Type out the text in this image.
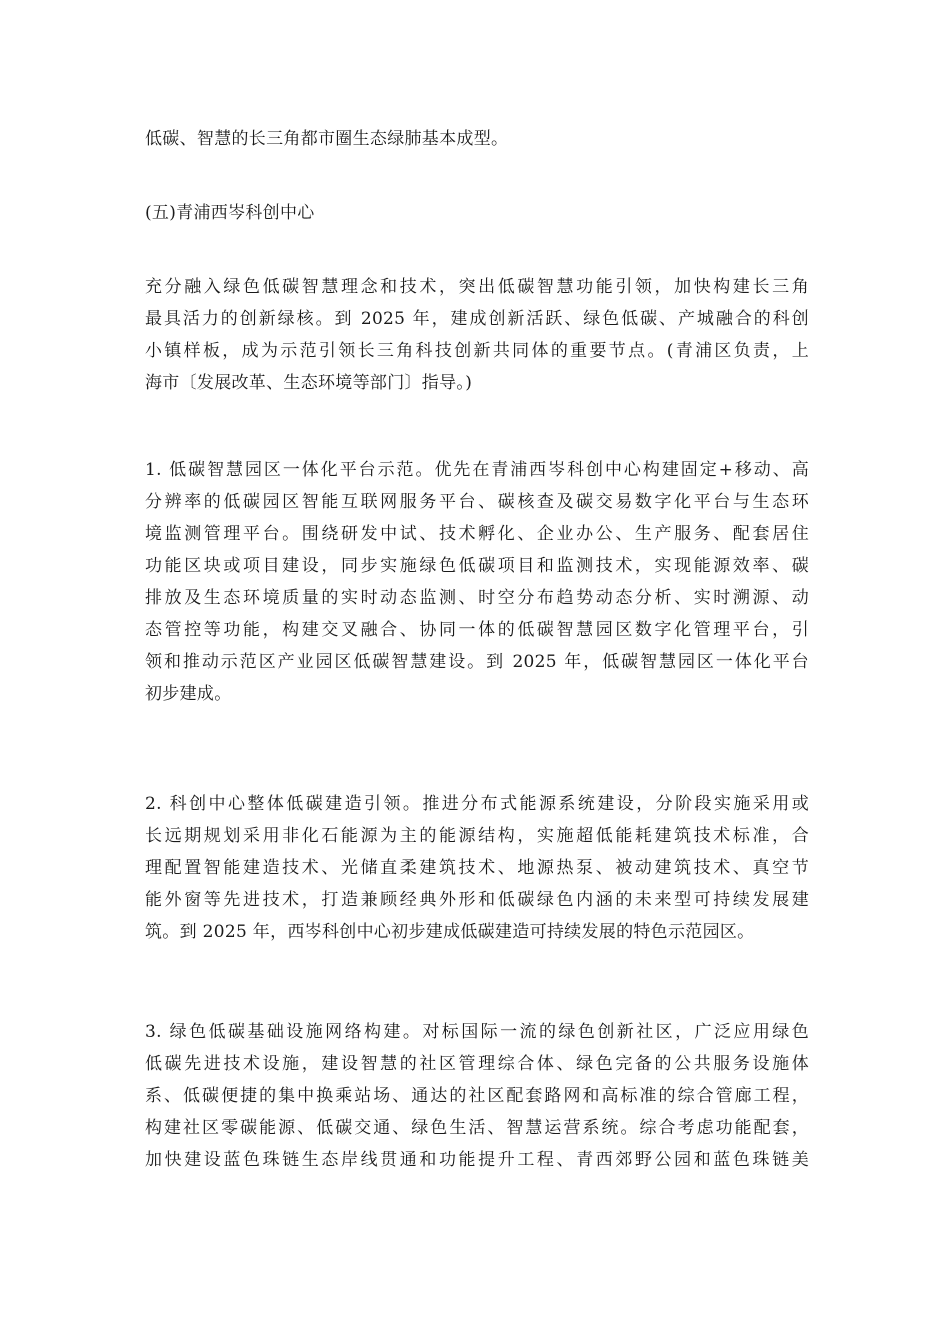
低碳、智慧的长三角都市圈生态绿肺基本成型。
(五)青浦西岑科创中心
充分融入绿色低碳智慧理念和技术，突出低碳智慧功能引领，加快构建长三角
最具活力的创新绿核。到 2025 年，建成创新活跃、绿色低碳、产城融合的科创
小镇样板，成为示范引领长三角科技创新共同体的重要节点。(青浦区负责，上
海市〔发展改革、生态环境等部门〕指导。)
1. 低碳智慧园区一体化平台示范。优先在青浦西岑科创中心构建固定+移动、高
分辨率的低碳园区智能互联网服务平台、碳核查及碳交易数字化平台与生态环
境监测管理平台。围绕研发中试、技术孵化、企业办公、生产服务、配套居住
功能区块或项目建设，同步实施绿色低碳项目和监测技术，实现能源效率、碳
排放及生态环境质量的实时动态监测、时空分布趋势动态分析、实时溯源、动
态管控等功能，构建交叉融合、协同一体的低碳智慧园区数字化管理平台，引
领和推动示范区产业园区低碳智慧建设。到 2025 年，低碳智慧园区一体化平台
初步建成。
2. 科创中心整体低碳建造引领。推进分布式能源系统建设，分阶段实施采用或
长远期规划采用非化石能源为主的能源结构，实施超低能耗建筑技术标准，合
理配置智能建造技术、光储直柔建筑技术、地源热泵、被动建筑技术、真空节
能外窗等先进技术，打造兼顾经典外形和低碳绿色内涵的未来型可持续发展建
筑。到 2025 年，西岑科创中心初步建成低碳建造可持续发展的特色示范园区。
3. 绿色低碳基础设施网络构建。对标国际一流的绿色创新社区，广泛应用绿色
低碳先进技术设施，建设智慧的社区管理综合体、绿色完备的公共服务设施体
系、低碳便捷的集中换乘站场、通达的社区配套路网和高标准的综合管廊工程，
构建社区零碳能源、低碳交通、绿色生活、智慧运营系统。综合考虑功能配套，
加快建设蓝色珠链生态岸线贯通和功能提升工程、青西郊野公园和蓝色珠链美
